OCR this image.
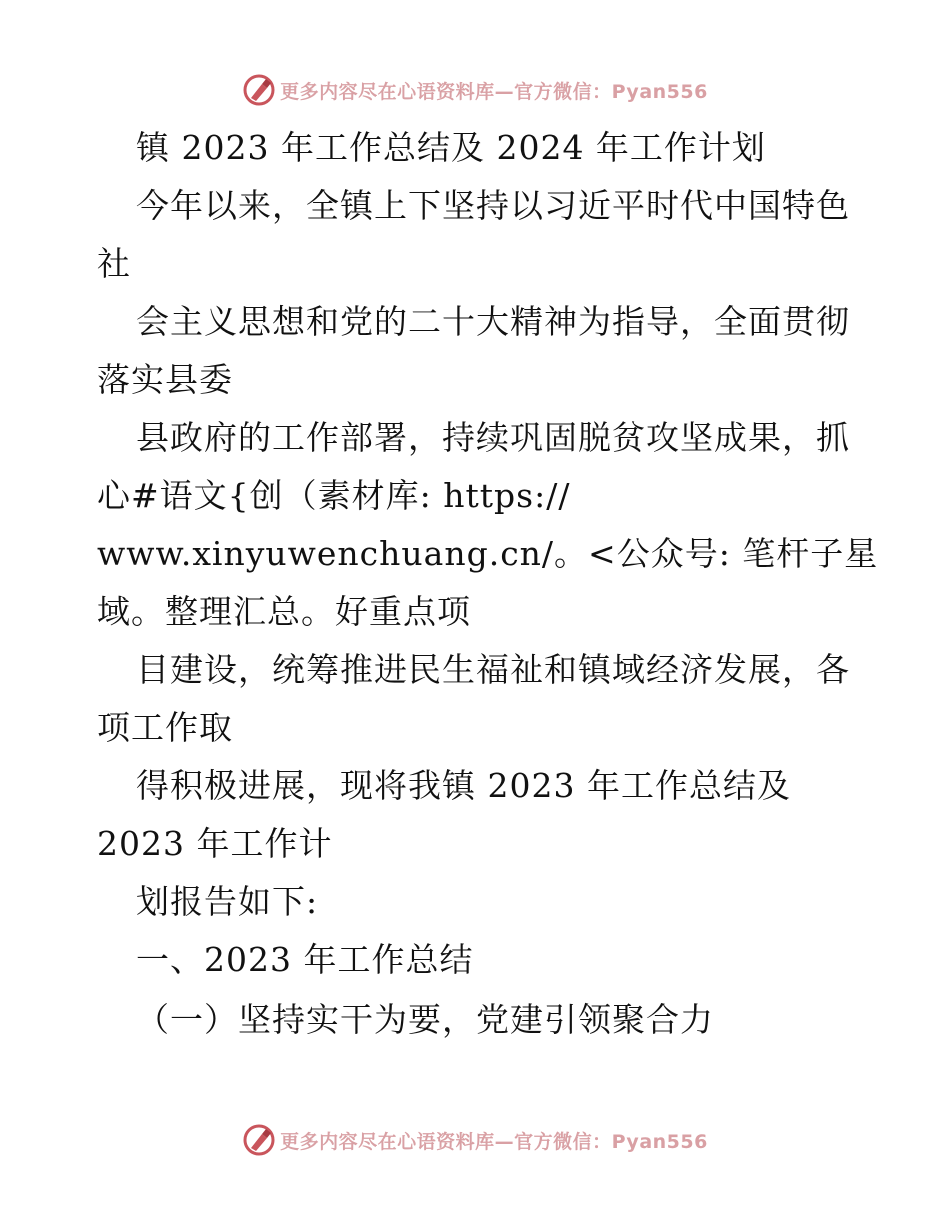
更多内容尽在心语资料库—官方微信：Pyan556
镇 2023 年工作总结及 2024 年工作计划
今年以来，全镇上下坚持以习近平时代中国特色
社
会主义思想和党的二十大精神为指导，全面贯彻
落实县委
县政府的工作部署，持续巩固脱贫攻坚成果，抓
心#语文{创（素材库: https://
www.xinyuwenchuang.cn/。<公众号: 笔杆子星
域。整理汇总。好重点项
目建设，统筹推进民生福祉和镇域经济发展，各
项工作取
得积极进展，现将我镇 2023 年工作总结及
2023 年工作计
划报告如下:
一、2023 年工作总结
（一）坚持实干为要，党建引领聚合力
更多内容尽在心语资料库—官方微信：Pyan556
